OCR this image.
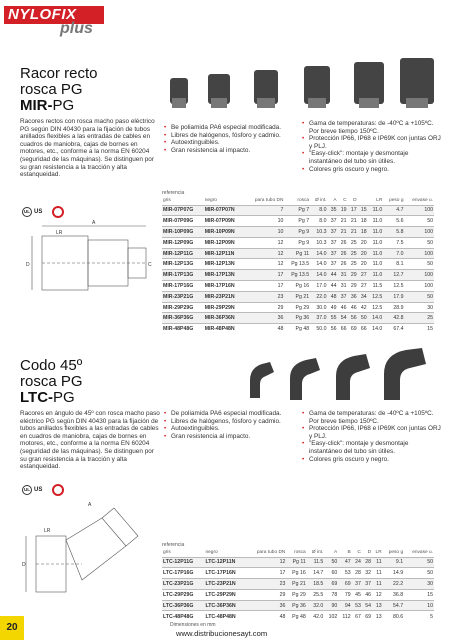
NYLOFIX
plus
Racor recto
rosca PG
MIR-PG
Racores rectos con rosca macho paso eléctrico PG según DIN 40430 para la fijación de tubos anillados flexibles a las entradas de cables en cuadros de maniobra, cajas de bornes en motores, etc., conforme a la norma EN 60204 (seguridad de las máquinas). Se distinguen por su gran resistencia a la tracción y alta estanqueidad.
• Be poliamida PA6 especial modificada.
• Libres de halógenos, fósforo y cadmio.
• Autoextinguibles.
• Gran resistencia al impacto.
• Gama de temperaturas: de -40ºC a +105ºC. Por breve tiempo 150ºC.
• Protección IP66, IP68 e IP69K con juntas ORJ y PLJ.
• "Easy-click": montaje y desmontaje instantáneo del tubo sin útiles.
• Colores gris oscuro y negro.
UL US
A
D
LR
C
referencia
gris	negro	para tubo DN	rosca	Ø int.	A	C	D		LR	peso g	envase u.
MIR-07P07G	MIR-07P07N	7	Pg 7	8.0	35	19	17	15	11.0	4.7	100
MIR-07P09G	MIR-07P09N	10	Pg 7	8.0	37	21	21	18	11.0	5.6	50
MIR-10P09G	MIR-10P09N	10	Pg 9	10.3	37	21	21	18	11.0	5.8	100
MIR-12P09G	MIR-12P09N	12	Pg 9	10.3	37	26	25	20	11.0	7.5	50
MIR-12P11G	MIR-12P11N	12	Pg 11	14.0	37	26	25	20	11.0	7.0	100
MIR-12P13G	MIR-12P13N	12	Pg 13.5	14.0	37	26	25	20	11.0	8.1	50
MIR-17P13G	MIR-17P13N	17	Pg 13.5	14.0	44	31	29	27	11.0	12.7	100
MIR-17P16G	MIR-17P16N	17	Pg 16	17.0	44	31	29	27	11.5	12.5	100
MIR-23P21G	MIR-23P21N	23	Pg 21	22.0	48	37	36	34	12.5	17.9	50
MIR-29P29G	MIR-29P29N	29	Pg 29	30.0	49	46	46	42	12.5	28.9	30
MIR-36P36G	MIR-36P36N	36	Pg 36	37.0	55	54	56	50	14.0	42.8	25
MIR-48P48G	MIR-48P48N	48	Pg 48	50.0	56	66	69	66	14.0	67.4	15
Codo 45º
rosca PG
LTC-PG
Racores en ángulo de 45º con rosca macho paso eléctrico PG según DIN 40430 para la fijación de tubos anillados flexibles a las entradas de cables en cuadros de maniobra, cajas de bornes en motores, etc., conforme a la norma EN 60204 (seguridad de las máquinas). Se distinguen por su gran resistencia a la tracción y alta estanqueidad.
• De poliamida PA6 especial modificada.
• Libres de halógenos, fósforo y cadmio.
• Autoextinguibles.
• Gran resistencia al impacto.
• Gama de temperaturas: de -40ºC a +105ºC. Por breve tiempo 150ºC.
• Protección IP66, IP68 e IP69K con juntas ORJ y PLJ.
• "Easy-click": montaje y desmontaje instantáneo del tubo sin útiles.
• Colores gris oscuro y negro.
UL US
A
D
LR
referencia
gris	negro	para tubo DN	rosca	Ø int.	A	B	C	D	LR	peso g	envase u.
LTC-12P11G	LTC-12P11N	12	Pg 11	11.5	50	47	24	28	11	9.1	50
LTC-17P16G	LTC-17P16N	17	Pg 16	14.7	60	53	28	32	11	14.9	50
LTC-23P21G	LTC-23P21N	23	Pg 21	18.5	69	69	37	37	11	22.2	30
LTC-29P29G	LTC-29P29N	29	Pg 29	25.5	78	79	45	46	12	36.8	15
LTC-36P36G	LTC-36P36N	36	Pg 36	32.0	90	94	53	54	13	54.7	10
LTC-48P48G	LTC-48P48N	48	Pg 48	42.0	102	112	67	69	13	80.6	5
20	Dimensiones en mm
www.distribucionesayt.com
